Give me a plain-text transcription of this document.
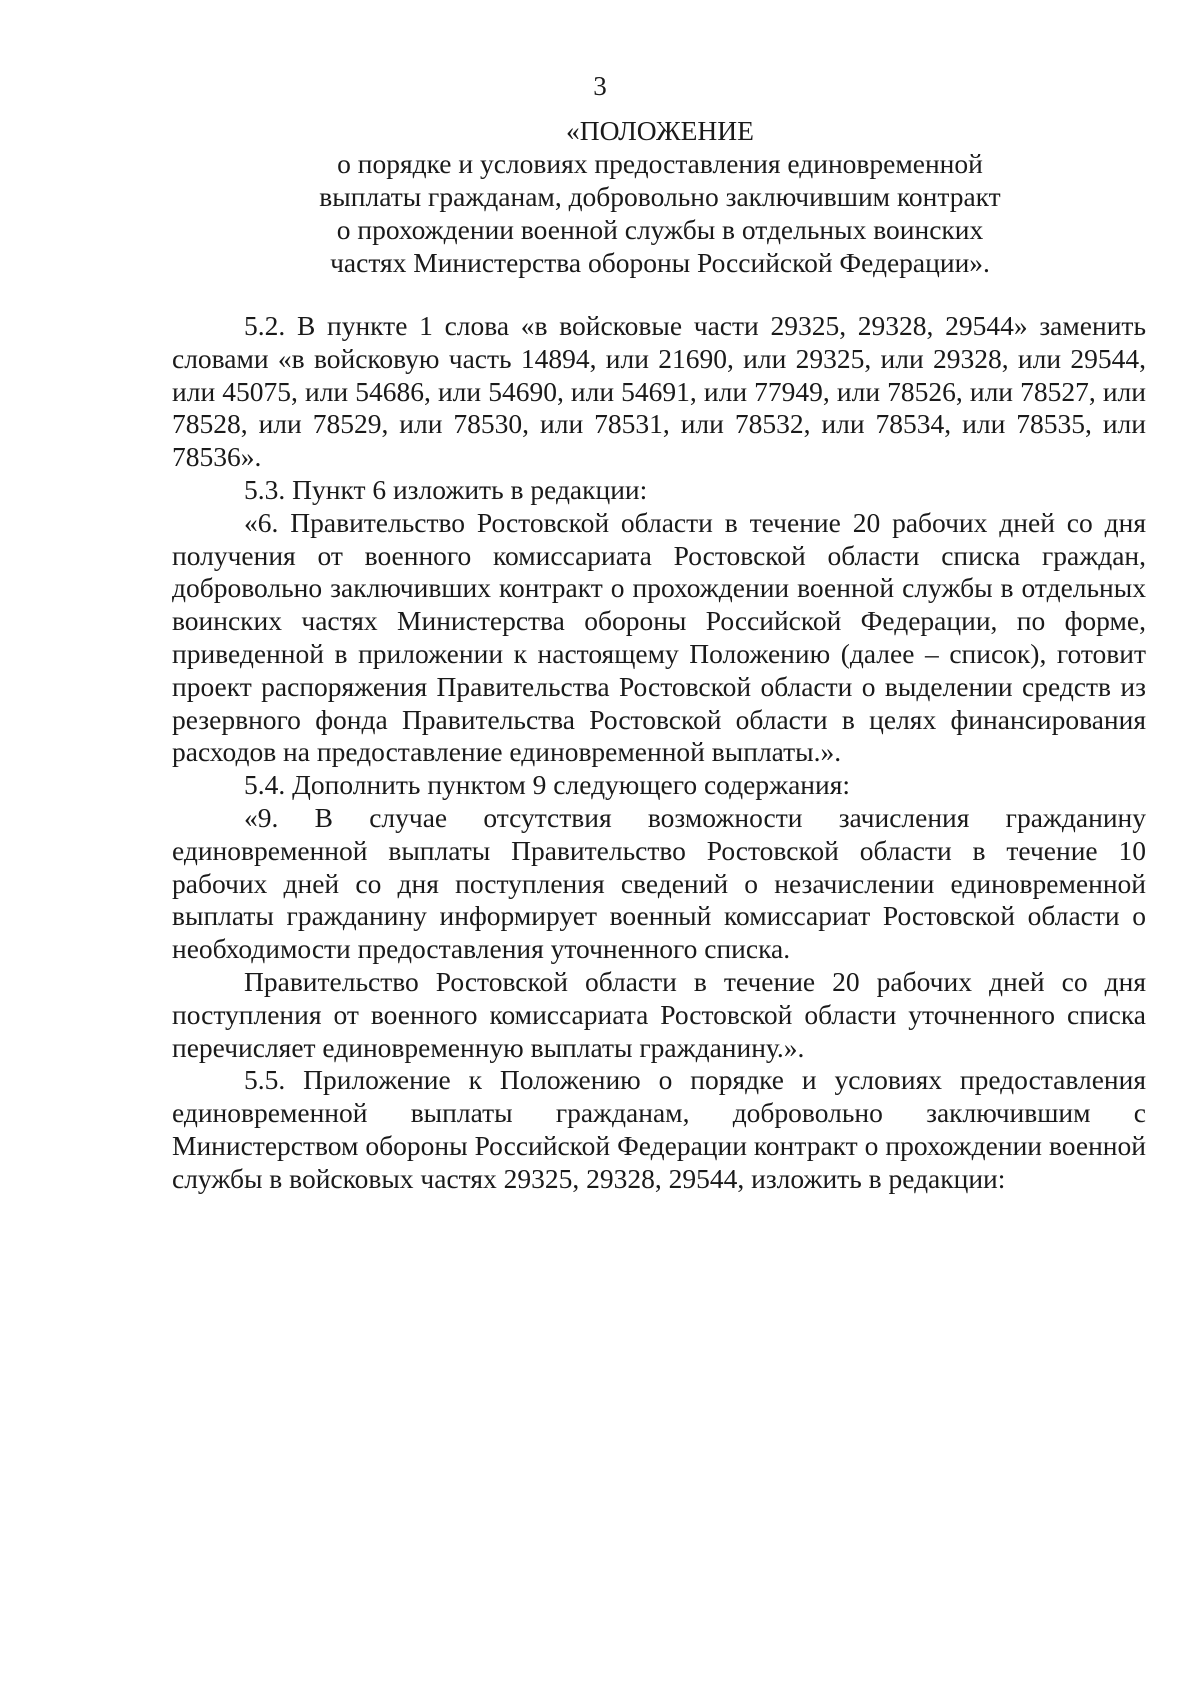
3
«ПОЛОЖЕНИЕ
о порядке и условиях предоставления единовременной
выплаты гражданам, добровольно заключившим контракт
о прохождении военной службы в отдельных воинских
частях Министерства обороны Российской Федерации».

5.2. В пункте 1 слова «в войсковые части 29325, 29328, 29544» заменить словами «в войсковую часть 14894, или 21690, или 29325, или 29328, или 29544, или 45075, или 54686, или 54690, или 54691, или 77949, или 78526, или 78527, или 78528, или 78529, или 78530, или 78531, или 78532, или 78534, или 78535, или 78536».

5.3. Пункт 6 изложить в редакции:

«6. Правительство Ростовской области в течение 20 рабочих дней со дня получения от военного комиссариата Ростовской области списка граждан, добровольно заключивших контракт о прохождении военной службы в отдельных воинских частях Министерства обороны Российской Федерации, по форме, приведенной в приложении к настоящему Положению (далее – список), готовит проект распоряжения Правительства Ростовской области о выделении средств из резервного фонда Правительства Ростовской области в целях финансирования расходов на предоставление единовременной выплаты.».

5.4. Дополнить пунктом 9 следующего содержания:

«9. В случае отсутствия возможности зачисления гражданину единовременной выплаты Правительство Ростовской области в течение 10 рабочих дней со дня поступления сведений о незачислении единовременной выплаты гражданину информирует военный комиссариат Ростовской области о необходимости предоставления уточненного списка.

Правительство Ростовской области в течение 20 рабочих дней со дня поступления от военного комиссариата Ростовской области уточненного списка перечисляет единовременную выплаты гражданину.».

5.5. Приложение к Положению о порядке и условиях предоставления единовременной выплаты гражданам, добровольно заключившим с Министерством обороны Российской Федерации контракт о прохождении военной службы в войсковых частях 29325, 29328, 29544, изложить в редакции:
